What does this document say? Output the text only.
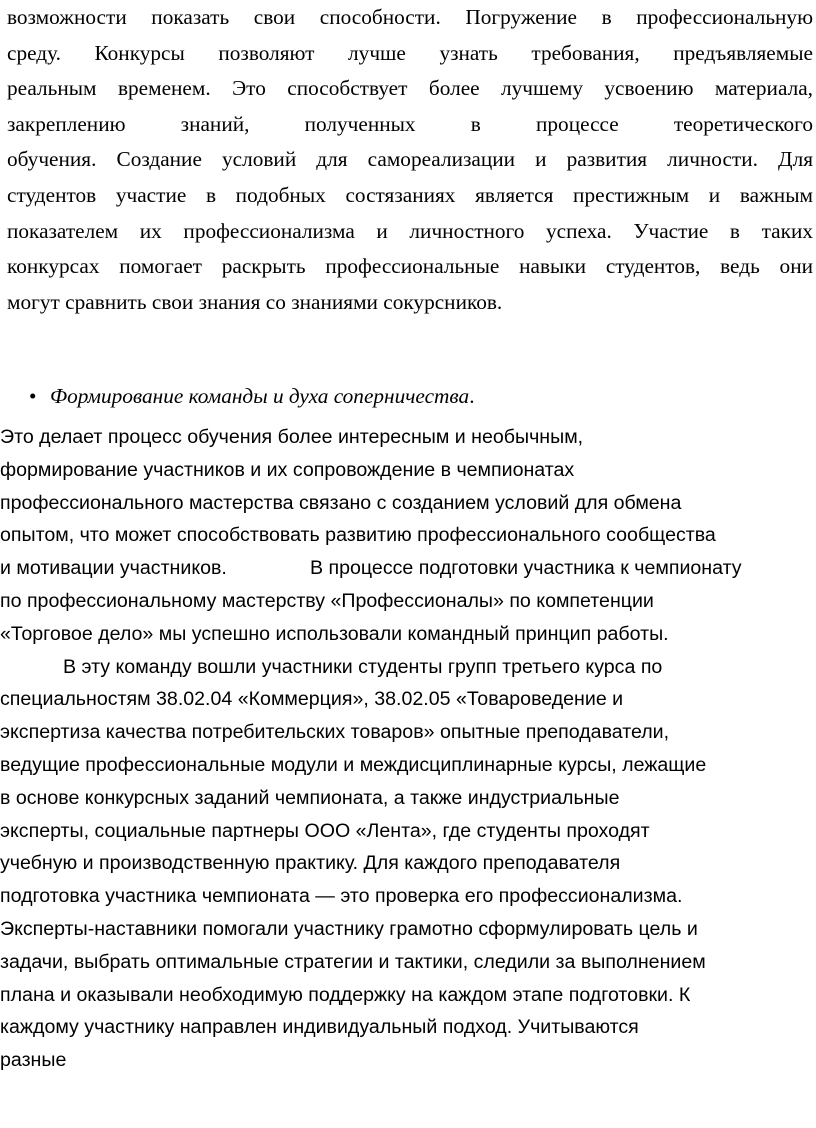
возможности показать свои способности. Погружение в профессиональную
среду. Конкурсы позволяют лучше узнать требования, предъявляемые
реальным временем. Это способствует более лучшему усвоению материала,
закреплению знаний, полученных в процессе теоретического
обучения. Создание условий для самореализации и развития личности. Для
студентов участие в подобных состязаниях является престижным и важным
показателем их профессионализма и личностного успеха. Участие в таких
конкурсах помогает раскрыть профессиональные навыки студентов, ведь они
могут сравнить свои знания со знаниями сокурсников.
• Формирование команды и духа соперничества.
Это делает процесс обучения более интересным и необычным,
формирование участников и их сопровождение в чемпионатах
профессионального мастерства связано с созданием условий для обмена
опытом, что может способствовать развитию профессионального сообщества
и мотивации участников.	В процессе подготовки участника к чемпионату
по профессиональному мастерству «Профессионалы» по компетенции
«Торговое дело» мы успешно использовали командный принцип работы.
В эту команду вошли участники студенты групп третьего курса по
специальностям 38.02.04 «Коммерция», 38.02.05 «Товароведение и
экспертиза качества потребительских товаров» опытные преподаватели,
ведущие профессиональные модули и междисциплинарные курсы, лежащие
в основе конкурсных заданий чемпионата, а также индустриальные
эксперты, социальные партнеры ООО «Лента», где студенты проходят
учебную и производственную практику. Для каждого преподавателя
подготовка участника чемпионата — это проверка его профессионализма.
Эксперты-наставники помогали участнику грамотно сформулировать цель и
задачи, выбрать оптимальные стратегии и тактики, следили за выполнением
плана и оказывали необходимую поддержку на каждом этапе подготовки. К
каждому участнику направлен индивидуальный подход. Учитываются
разные
